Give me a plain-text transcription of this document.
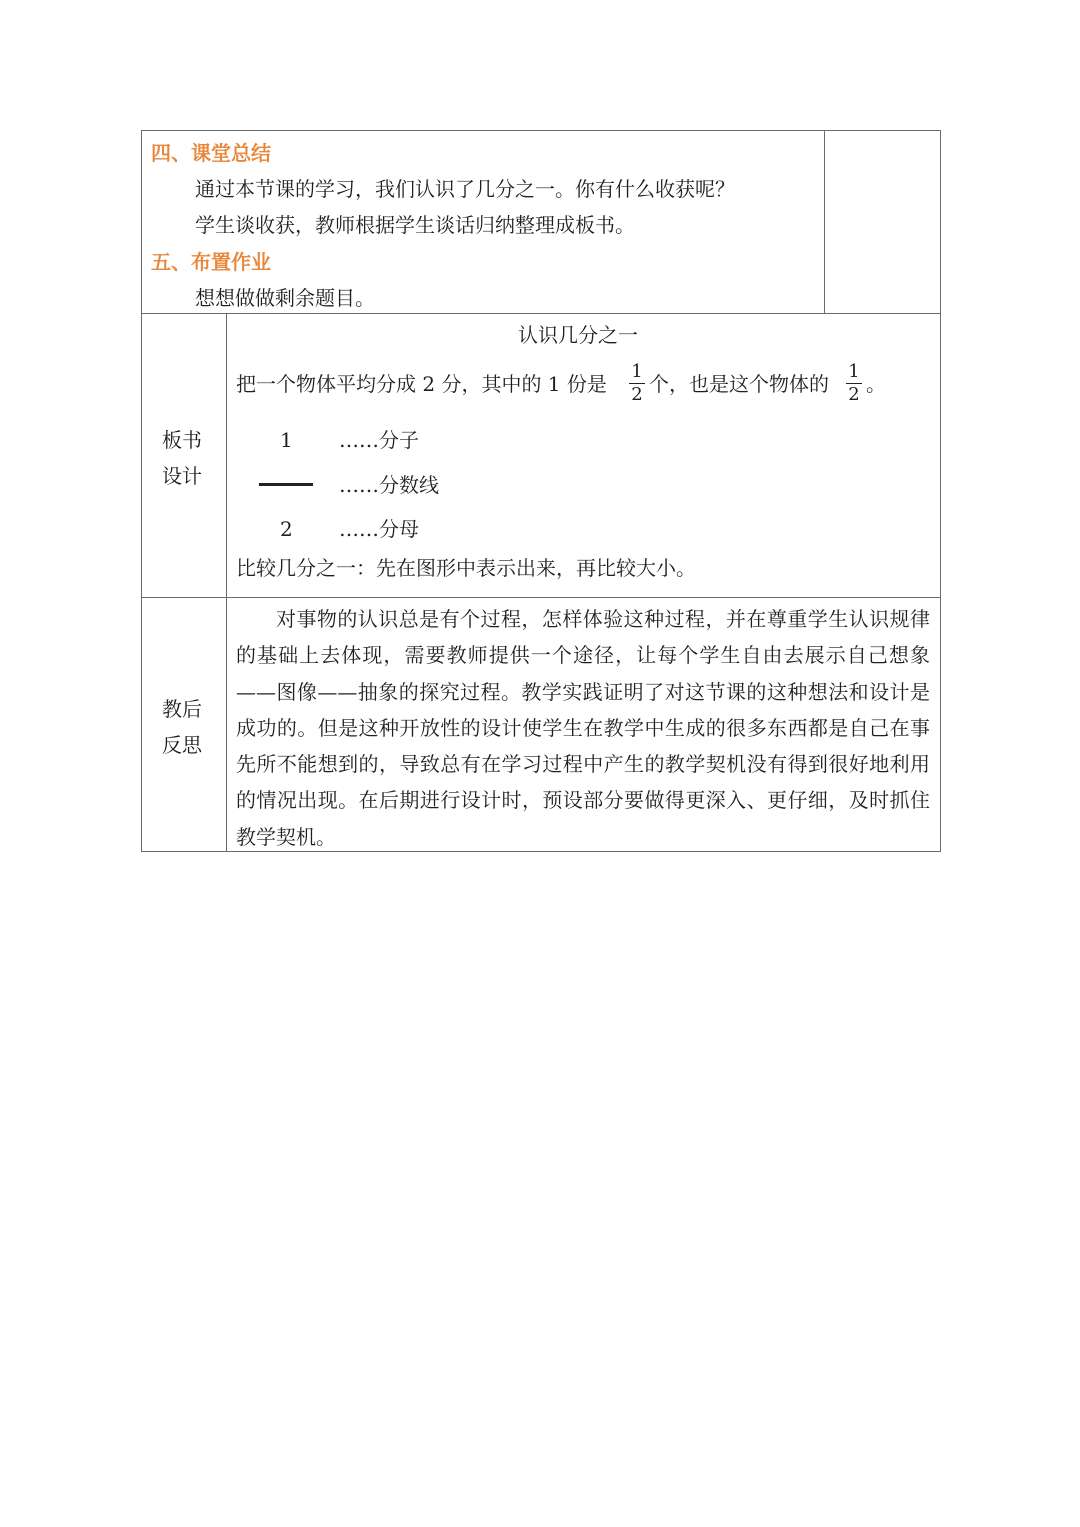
四、课堂总结
通过本节课的学习，我们认识了几分之一。你有什么收获呢？
学生谈收获，教师根据学生谈话归纳整理成板书。
五、布置作业
想想做做剩余题目。
板书
设计
认识几分之一
把一个物体平均分成 2 分，其中的 1 份是
1
2 个，也是这个物体的
1
2 。
1 ……分子
……分数线
2 ……分母
比较几分之一：先在图形中表示出来，再比较大小。
教后
反思

对事物的认识总是有个过程，怎样体验这种过程，并在尊重学生认识规律的基础上去体现，需要教师提供一个途径，让每个学生自由去展示自己想象——图像——抽象的探究过程。教学实践证明了对这节课的这种想法和设计是成功的。但是这种开放性的设计使学生在教学中生成的很多东西都是自己在事先所不能想到的，导致总有在学习过程中产生的教学契机没有得到很好地利用的情况出现。在后期进行设计时，预设部分要做得更深入、更仔细，及时抓住教学契机。
